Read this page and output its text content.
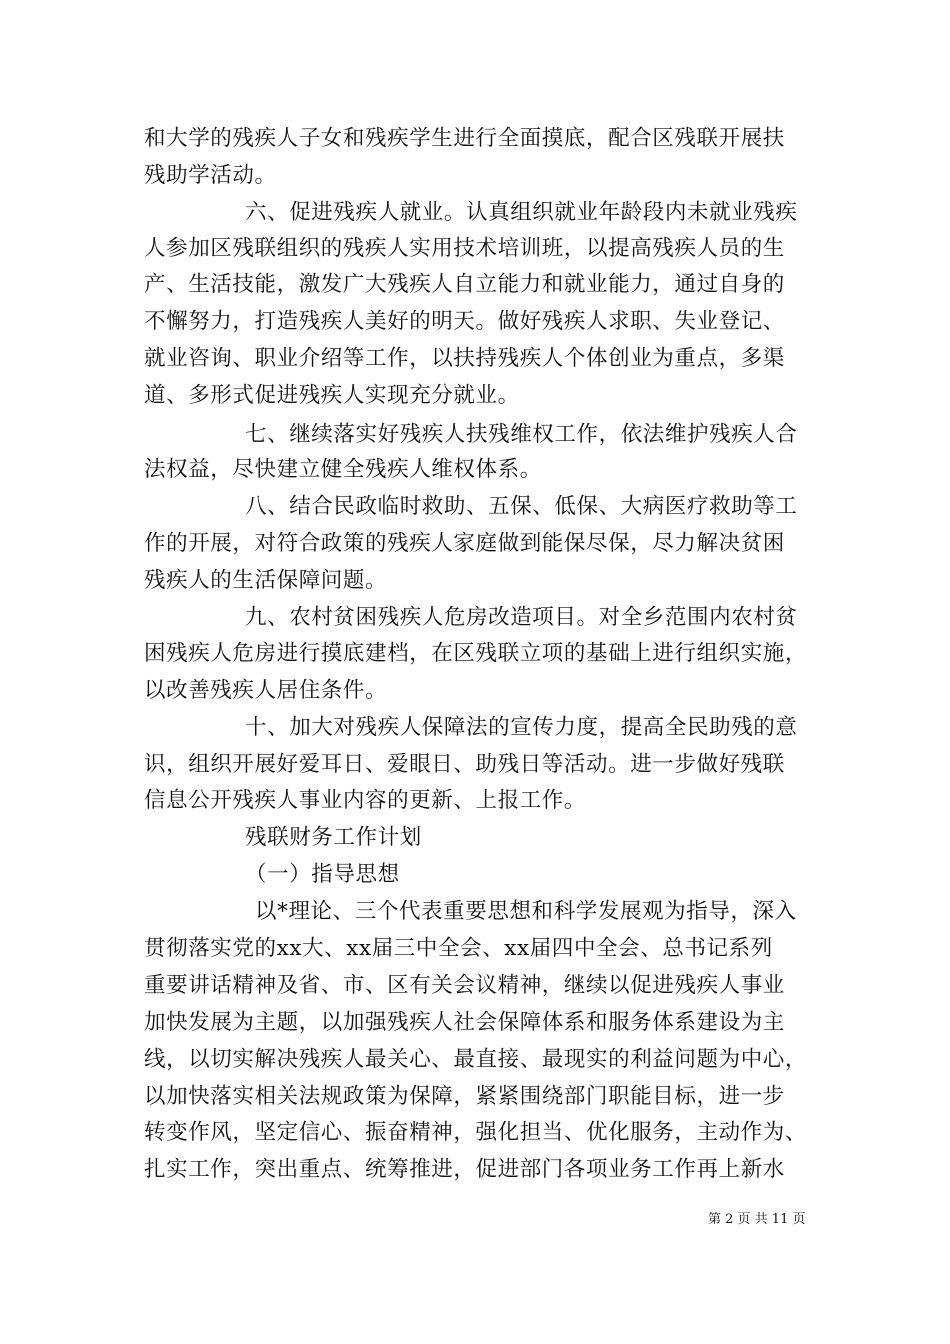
和大学的残疾人子女和残疾学生进行全面摸底，配合区残联开展扶
残助学活动。
六、促进残疾人就业。认真组织就业年龄段内未就业残疾
人参加区残联组织的残疾人实用技术培训班，以提高残疾人员的生
产、生活技能，激发广大残疾人自立能力和就业能力，通过自身的
不懈努力，打造残疾人美好的明天。做好残疾人求职、失业登记、
就业咨询、职业介绍等工作，以扶持残疾人个体创业为重点，多渠
道、多形式促进残疾人实现充分就业。
七、继续落实好残疾人扶残维权工作，依法维护残疾人合
法权益，尽快建立健全残疾人维权体系。
八、结合民政临时救助、五保、低保、大病医疗救助等工
作的开展，对符合政策的残疾人家庭做到能保尽保，尽力解决贫困
残疾人的生活保障问题。
九、农村贫困残疾人危房改造项目。对全乡范围内农村贫
困残疾人危房进行摸底建档，在区残联立项的基础上进行组织实施，
以改善残疾人居住条件。
十、加大对残疾人保障法的宣传力度，提高全民助残的意
识，组织开展好爱耳日、爱眼日、助残日等活动。进一步做好残联
信息公开残疾人事业内容的更新、上报工作。
残联财务工作计划
（一）指导思想
以*理论、三个代表重要思想和科学发展观为指导，深入
贯彻落实党的xx大、xx届三中全会、xx届四中全会、总书记系列
重要讲话精神及省、市、区有关会议精神，继续以促进残疾人事业
加快发展为主题，以加强残疾人社会保障体系和服务体系建设为主
线，以切实解决残疾人最关心、最直接、最现实的利益问题为中心，
以加快落实相关法规政策为保障，紧紧围绕部门职能目标，进一步
转变作风，坚定信心、振奋精神，强化担当、优化服务，主动作为、
扎实工作，突出重点、统筹推进，促进部门各项业务工作再上新水
第 2 页 共 11 页
